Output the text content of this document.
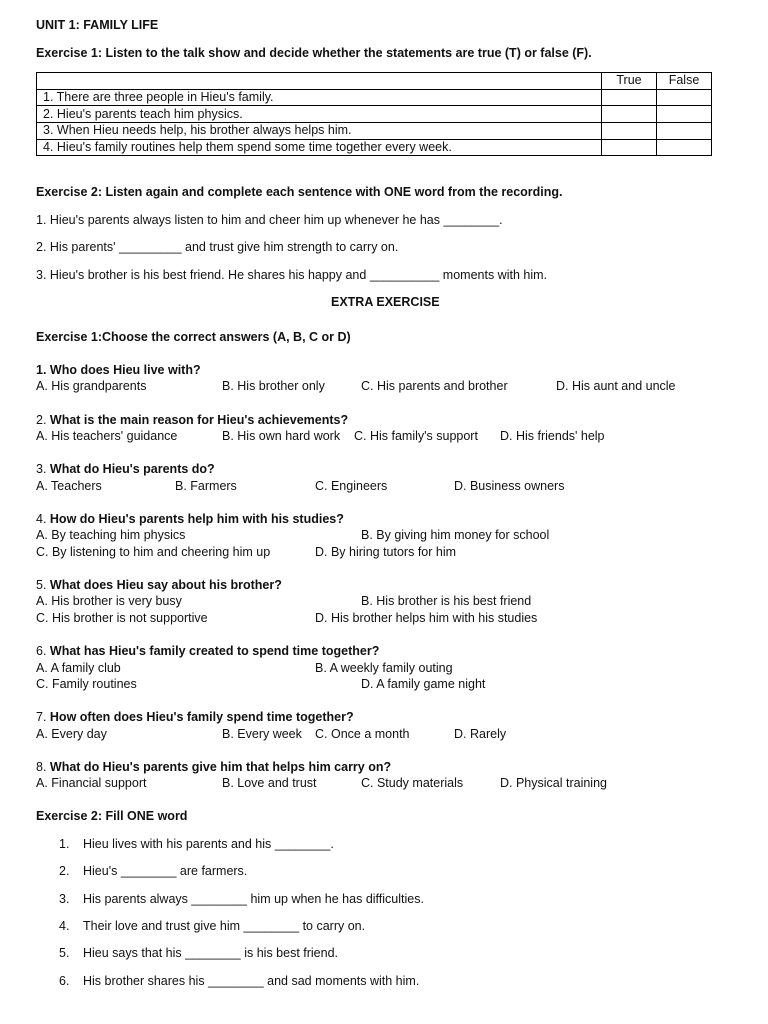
UNIT 1: FAMILY LIFE
Exercise 1: Listen to the talk show and decide whether the statements are true (T) or false (F).
	True	False
1. There are three people in Hieu's family.		
2. Hieu's parents teach him physics.		
3. When Hieu needs help, his brother always helps him.		
4. Hieu's family routines help them spend some time together every week.		
Exercise 2: Listen again and complete each sentence with ONE word from the recording.
1. Hieu's parents always listen to him and cheer him up whenever he has ________.
2. His parents' _________ and trust give him strength to carry on.
3. Hieu's brother is his best friend. He shares his happy and __________ moments with him.
EXTRA EXERCISE
Exercise 1:Choose the correct answers (A, B, C or D)
1. Who does Hieu live with?
A. His grandparents	B. His brother only	C. His parents and brother	D. His aunt and uncle
2. What is the main reason for Hieu's achievements?
A. His teachers' guidance	B. His own hard work C. His family's support D. His friends' help
3. What do Hieu's parents do?
A. Teachers	B. Farmers	C. Engineers	D. Business owners
4. How do Hieu's parents help him with his studies?
A. By teaching him physics	B. By giving him money for school
C. By listening to him and cheering him up	D. By hiring tutors for him
5. What does Hieu say about his brother?
A. His brother is very busy	B. His brother is his best friend
C. His brother is not supportive	D. His brother helps him with his studies
6. What has Hieu's family created to spend time together?
A. A family club	B. A weekly family outing
C. Family routines	D. A family game night
7. How often does Hieu's family spend time together?
A. Every day	B. Every week C. Once a month	D. Rarely
8. What do Hieu's parents give him that helps him carry on?
A. Financial support	B. Love and trust	C. Study materials	D. Physical training
Exercise 2: Fill ONE word
1. Hieu lives with his parents and his ________.
2. Hieu's ________ are farmers.
3. His parents always ________ him up when he has difficulties.
4. Their love and trust give him ________ to carry on.
5. Hieu says that his ________ is his best friend.
6. His brother shares his ________ and sad moments with him.
